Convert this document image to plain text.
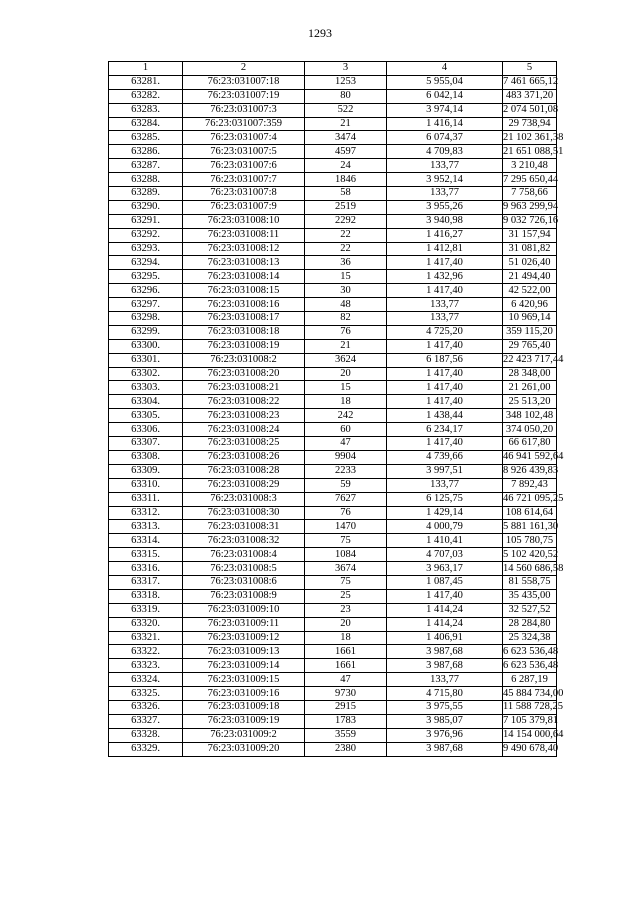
1293
1	2	3	4	5
63281.	76:23:031007:18	1253	5 955,04	7 461 665,12
63282.	76:23:031007:19	80	6 042,14	483 371,20
63283.	76:23:031007:3	522	3 974,14	2 074 501,08
63284.	76:23:031007:359	21	1 416,14	29 738,94
63285.	76:23:031007:4	3474	6 074,37	21 102 361,38
63286.	76:23:031007:5	4597	4 709,83	21 651 088,51
63287.	76:23:031007:6	24	133,77	3 210,48
63288.	76:23:031007:7	1846	3 952,14	7 295 650,44
63289.	76:23:031007:8	58	133,77	7 758,66
63290.	76:23:031007:9	2519	3 955,26	9 963 299,94
63291.	76:23:031008:10	2292	3 940,98	9 032 726,16
63292.	76:23:031008:11	22	1 416,27	31 157,94
63293.	76:23:031008:12	22	1 412,81	31 081,82
63294.	76:23:031008:13	36	1 417,40	51 026,40
63295.	76:23:031008:14	15	1 432,96	21 494,40
63296.	76:23:031008:15	30	1 417,40	42 522,00
63297.	76:23:031008:16	48	133,77	6 420,96
63298.	76:23:031008:17	82	133,77	10 969,14
63299.	76:23:031008:18	76	4 725,20	359 115,20
63300.	76:23:031008:19	21	1 417,40	29 765,40
63301.	76:23:031008:2	3624	6 187,56	22 423 717,44
63302.	76:23:031008:20	20	1 417,40	28 348,00
63303.	76:23:031008:21	15	1 417,40	21 261,00
63304.	76:23:031008:22	18	1 417,40	25 513,20
63305.	76:23:031008:23	242	1 438,44	348 102,48
63306.	76:23:031008:24	60	6 234,17	374 050,20
63307.	76:23:031008:25	47	1 417,40	66 617,80
63308.	76:23:031008:26	9904	4 739,66	46 941 592,64
63309.	76:23:031008:28	2233	3 997,51	8 926 439,83
63310.	76:23:031008:29	59	133,77	7 892,43
63311.	76:23:031008:3	7627	6 125,75	46 721 095,25
63312.	76:23:031008:30	76	1 429,14	108 614,64
63313.	76:23:031008:31	1470	4 000,79	5 881 161,30
63314.	76:23:031008:32	75	1 410,41	105 780,75
63315.	76:23:031008:4	1084	4 707,03	5 102 420,52
63316.	76:23:031008:5	3674	3 963,17	14 560 686,58
63317.	76:23:031008:6	75	1 087,45	81 558,75
63318.	76:23:031008:9	25	1 417,40	35 435,00
63319.	76:23:031009:10	23	1 414,24	32 527,52
63320.	76:23:031009:11	20	1 414,24	28 284,80
63321.	76:23:031009:12	18	1 406,91	25 324,38
63322.	76:23:031009:13	1661	3 987,68	6 623 536,48
63323.	76:23:031009:14	1661	3 987,68	6 623 536,48
63324.	76:23:031009:15	47	133,77	6 287,19
63325.	76:23:031009:16	9730	4 715,80	45 884 734,00
63326.	76:23:031009:18	2915	3 975,55	11 588 728,25
63327.	76:23:031009:19	1783	3 985,07	7 105 379,81
63328.	76:23:031009:2	3559	3 976,96	14 154 000,64
63329.	76:23:031009:20	2380	3 987,68	9 490 678,40
